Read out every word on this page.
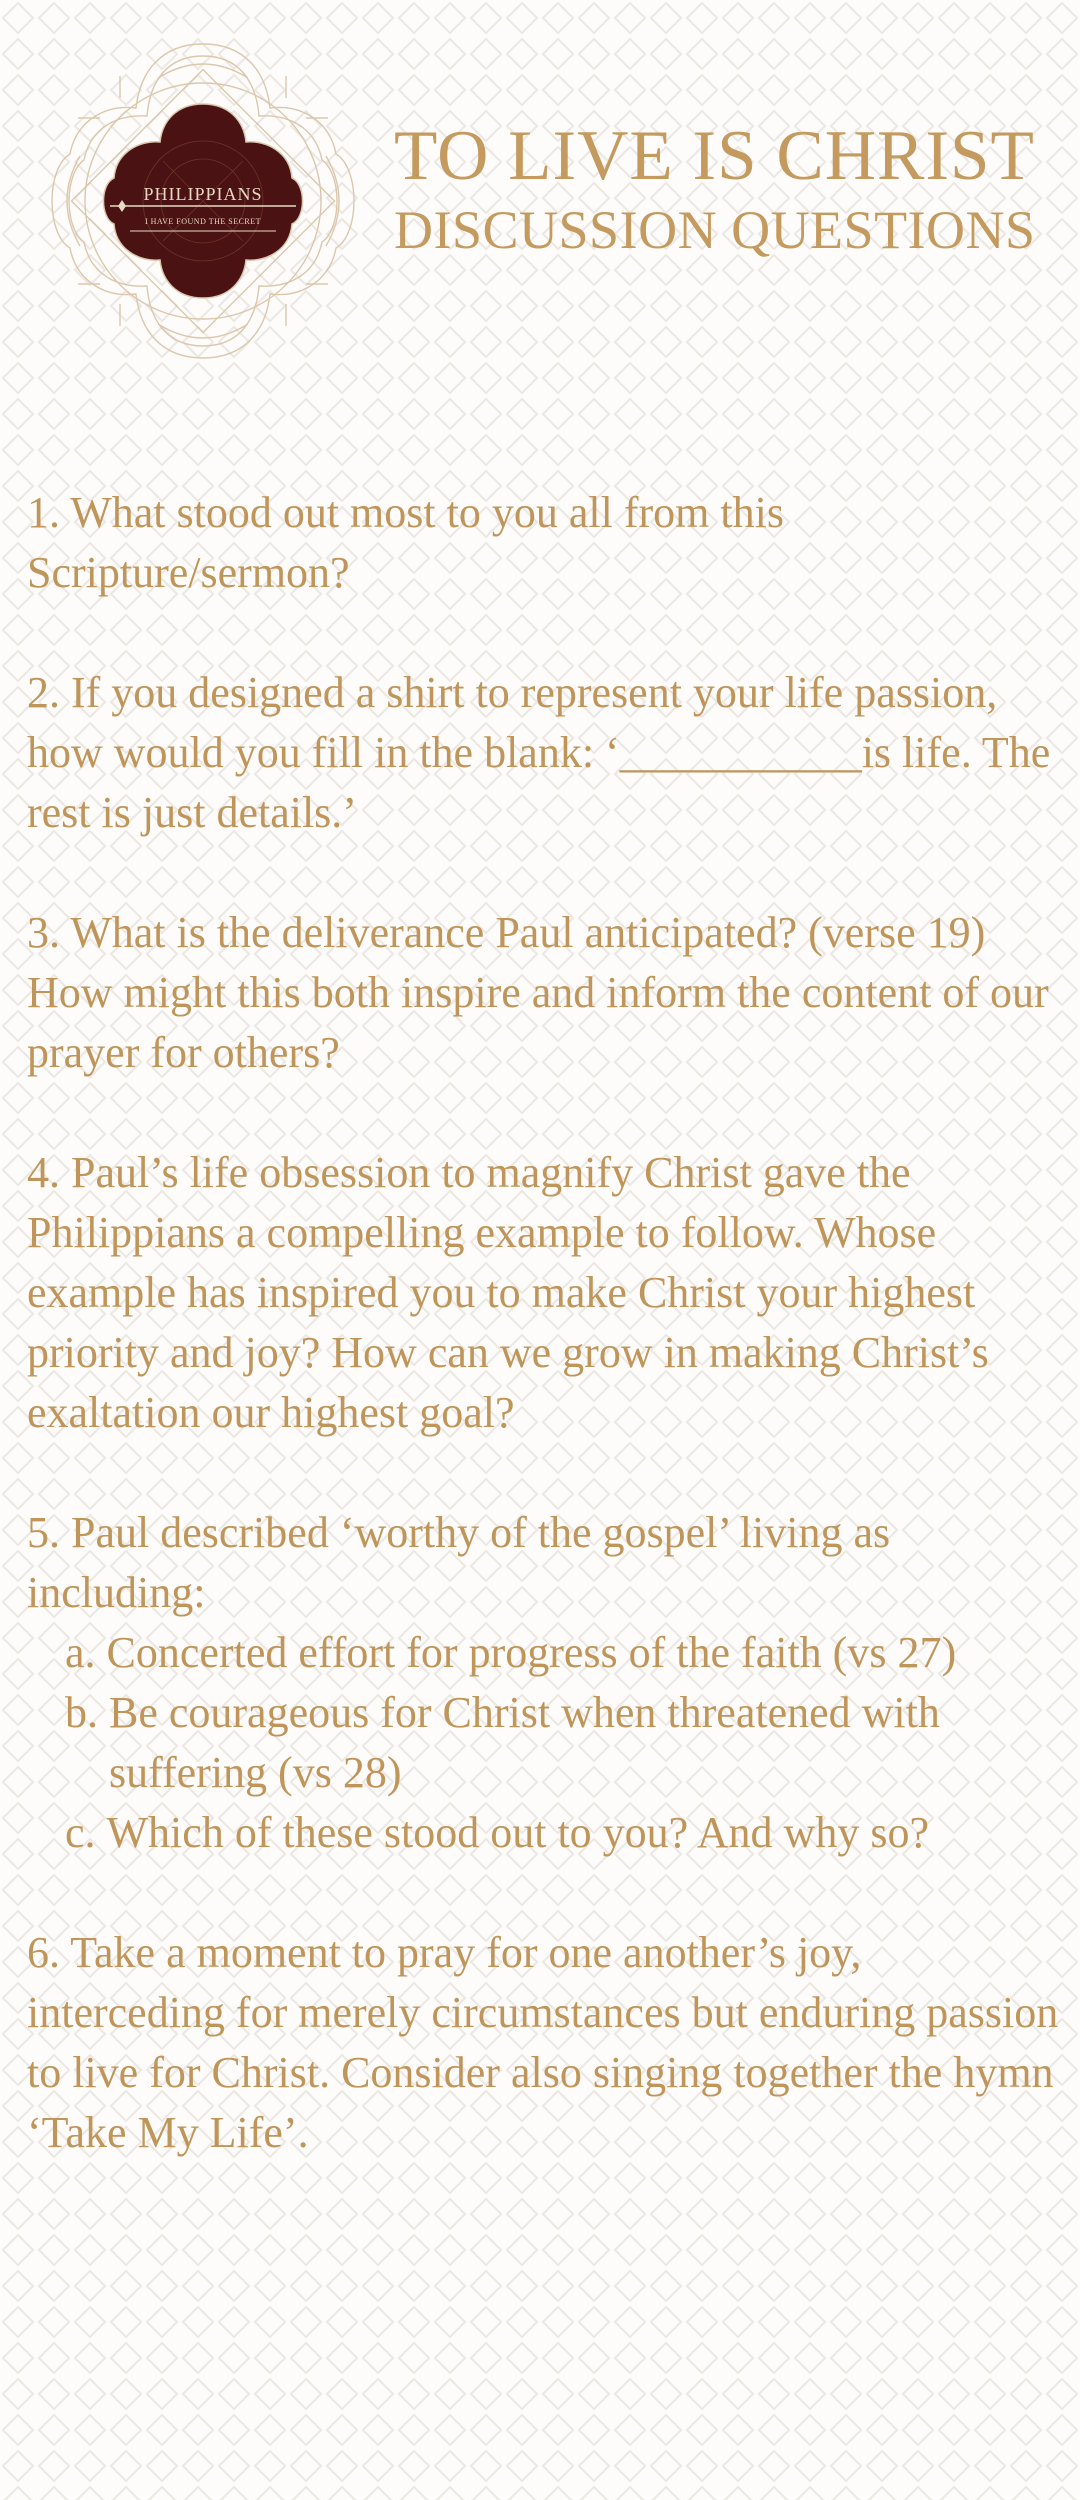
PHILIPPIANS
I HAVE FOUND THE SECRET
TO LIVE IS CHRIST
DISCUSSION QUESTIONS

1. What stood out most to you all from this Scripture/sermon?

2. If you designed a shirt to represent your life passion, how would you fill in the blank: ‘___________is life. The rest is just details.’

3. What is the deliverance Paul anticipated? (verse 19) How might this both inspire and inform the content of our prayer for others?

4. Paul’s life obsession to magnify Christ gave the Philippians a compelling example to follow. Whose example has inspired you to make Christ your highest priority and joy? How can we grow in making Christ’s exaltation our highest goal?

5. Paul described ‘worthy of the gospel’ living as including:
a. Concerted effort for progress of the faith (vs 27)
b. Be courageous for Christ when threatened with suffering (vs 28)
c. Which of these stood out to you? And why so?

6. Take a moment to pray for one another’s joy, interceding for merely circumstances but enduring passion to live for Christ. Consider also singing together the hymn ‘Take My Life’.
